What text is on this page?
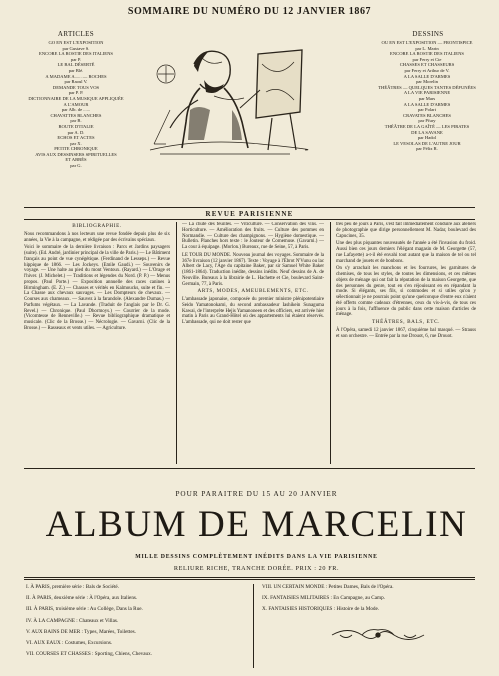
SOMMAIRE DU NUMÉRO DU 12 JANVIER 1867
ARTICLES
GO EN EST L'EXPOSITION
par Gustave S.
ENCORE LA ROSTIE DES ITALIENS
par P.
LE BAL DÉSERTÉ
par Blé.
A MADAME A...... — ROCHES
par Raoul V.
DEMANDE TOUS VOS
par P. P.
DICTIONNAIRE DE LA MUSIQUE APPLIQUÉE
A L'AMOUR
par Alb. de ......
CHAVATTES BLANCHES
par B.
ROUTE D'ITALIE
par A. D.
ECHOS ET ACTES
par X.
PETITE CHRONIQUE
AVIS AUX DESSINSERS SPIRITUELLES
ET ABBÉS
par G.
DESSINS
OU EN EST L'EXPOSITION — FRONTISPICE
par L. Marin
ENCORE LA ROSTIE DES ITALIENS
par Ferry et Cie
CHASSES ET CHASSEURS
par Ferry et Arthur de V.
A LA SALLE D'ARMES
par Morelin
THÉÂTRES — QUELQUES TANTES DÉFUNÉES
A LA VIE PARISIENNE
par Mars
A LA SALLE D'ARMES
par Polart
CRAVATES BLANCHES
par Pfury
THÉÂTRE DE LA GAÎTÉ — LES PIRATES
DE LA SAVANE
par Hadol
LE VESOLAS DE L'AUTRE JOUR
par Félix R.
REVUE PARISIENNE
BIBLIOGRAPHIE.

Nous recommandons à nos lecteurs une revue fondée depuis plus de six années, la Vie à la campagne, et rédigée par des écrivains spéciaux.

Voici le sommaire de la dernière livraison : Parcs et Jardins paysagers (suite). (Ed. André, jardinier principal de la ville de Paris.) — Le Bâtiment français au point de vue cynégétique. (Ferdinand de Lesseps.) — Revue hippique de 1866. — Les Jockeys. (Emile Gaudi.) — Souvenirs de voyage. — Une halte au pied du mont Ventoux. (Rayard.) — L'Orage et l'hiver. (J. Michelet.) — Traditions et légendes du Nord. (P. P.) — Menus propos. (Paul Porte.) — Exposition annuelle des races canines à Birmingham. (E. Z.) — Chasses et vérités en Kalmoucks, suite et fin. — La Chasse aux chevaux sauvages. — Les Dompteurs de chevaux. — Courses aux chameaux. — Sauvez à la farandole. (Alexandre Dumas.) — Parfums végétaux. — La Lavande. (Traduit de l'anglais par le Dr. G. Revel.) — Chronique. (Paul Dhormoys.) — Courrier de la mode. (Vicomtesse de Renneville.) — Revue bibliographique dramatique et musicale. (Clic de la Brosse.) — Nécrologie. — Gavarni. (Clic de la Brosse.) — Rasseaux et vents utiles. — Agriculture.

— La chute des feuilles. — Viticulture. — Conservation des vins. — Horticulture. — Amélioration des fruits. — Culture des pommes en Normandie. — Culture des champignons. — Hygiène domestique. — Bulletin. Planches hors texte : le Jouteur de Cornemuse. (Gavarni.) — La cour à équipage. (Morlon.) Bureaux, rue de Seine, 57, à Paris.

LE TOUR DU MONDE. Nouveau journal des voyages. Sommaire de la 367e livraison (12 janvier 1867). Texte : Voyage à l'Ébrot N'Vunu ou lac Albert de Lacy, l'Age du capitaine Baker, par sir Samuel White Baker (1861-1864). Traduction inédite, dessins inédits. Neuf dessins de A. de Neuville. Bureaux à la librairie de L. Hachette et Cie, boulevard Saint-Germain, 77, à Paris.

ARTS, MODES, AMEUBLEMENTS, ETC.

L'ambassade japonaise, composée du premier ministre plénipotentiaire Seido Yamatonokami, du second ambassadeur Iashikein Sunaguma Kawai, de l'interprète Hejis Yamanoneen et des officiers, est arrivée hier matin à Paris au Grand-Hôtel où des appartements lui étaient réservés. L'ambassade, qui ne doit rester que

très peu de jours à Paris, s'est fait immédiatement conduire aux ateliers de photographie que dirige personnellement M. Nadar, boulevard des Capucines, 35.

Une des plus piquantes nouveautés de l'année a été l'invasion du froid. Aussi bien ces jours derniers l'élégant magasin de M. Georgette (57, rue Lafayette) a-t-il été envahi tout autant que la maison de tel ou tel marchand de jouets et de bonbons.

On s'y arrachait les manchons et les fourrures, les garnitures de chemises, de tous les styles, de toutes les dimensions, et ces mêmes objets de ménage qui ont fait la réputation de la maison Georgette, que des personnes du genre, tout en s'en réjouissant en en répandant la mode. Si élégants, ses fils, si commodes et si utiles qu'on y sélectionnait je ne pourrais point qu'une quelconque d'entre eux n'aient été offerts comme cadeaux d'étrennes, ceux du vis-à-vis, de tous ces jours à la fois, l'affluence du public dans cette maison d'articles de ménage.

THÉÂTRES, BALS, ETC.

À l'Opéra, samedi 12 janvier 1867, cinquième bal masqué. — Strauss et son orchestre. — Entrée par la rue Drouot, 6, rue Drouot.

POUR PARAITRE DU 15 AU 20 JANVIER
ALBUM DE MARCELIN
MILLE DESSINS COMPLÈTEMENT INÉDITS DANS LA VIE PARISIENNE
RELIURE RICHE, TRANCHE DORÉE. PRIX : 20 FR.
I. À PARIS, première série : Bals de Société.
II. À PARIS, deuxième série : À l'Opéra, aux Italiens.
III. À PARIS, troisième série : Au Collège, Dans la Rue.
IV. À LA CAMPAGNE : Chateaux et Villas.
V. AUX BAINS DE MER : Types, Marées, Toilettes.
VI. AUX EAUX : Costumes, Excursions.
VII. COURSES ET CHASSES : Sporting, Chiens, Chevaux.
VIII. UN CERTAIN MONDE : Petites Dames, Bals de l'Opéra.
IX. FANTAISIES MILITAIRES : En Campagne, au Camp.
X. FANTAISIES HISTORIQUES : Histoire de la Mode.
